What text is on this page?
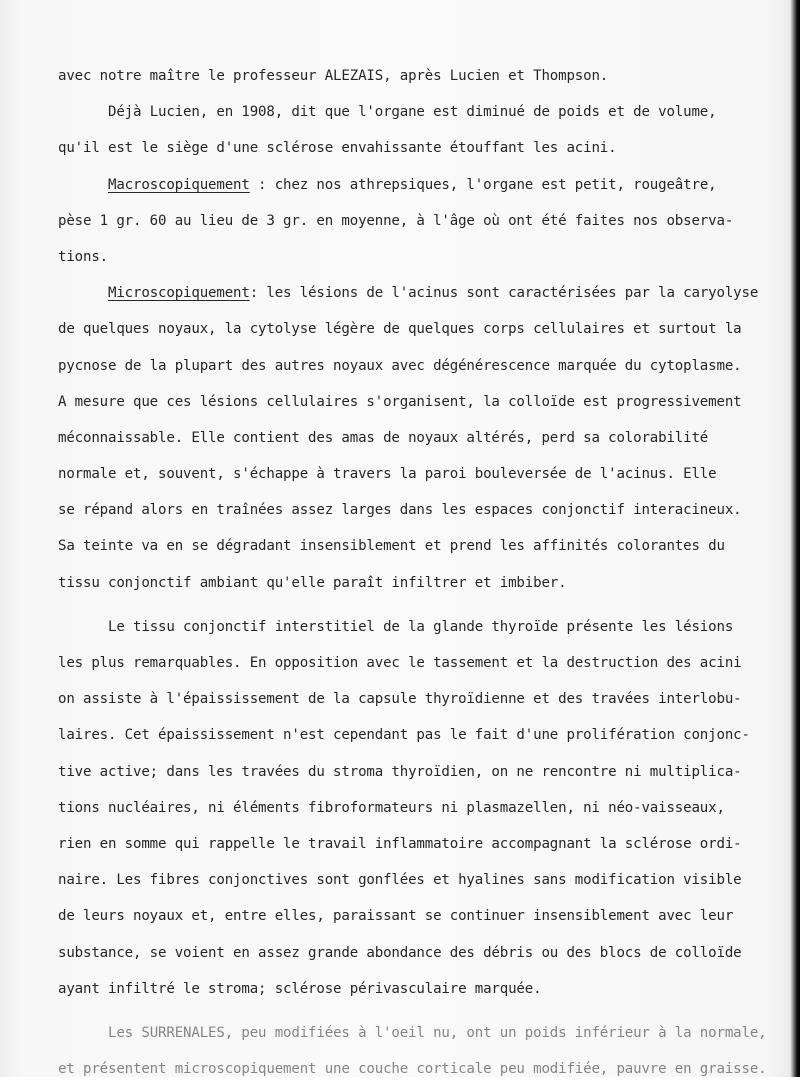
avec notre maître le professeur ALEZAIS, après Lucien et Thompson.
Déjà Lucien, en 1908, dit que l'organe est diminué de poids et de volume,
qu'il est le siège d'une sclérose envahissante étouffant les acini.
Macroscopiquement : chez nos athrepsiques, l'organe est petit, rougeâtre,
pèse 1 gr. 60 au lieu de 3 gr. en moyenne, à l'âge où ont été faites nos observa-
tions.
Microscopiquement: les lésions de l'acinus sont caractérisées par la caryolyse
de quelques noyaux, la cytolyse légère de quelques corps cellulaires et surtout la
pycnose de la plupart des autres noyaux avec dégénérescence marquée du cytoplasme.
A mesure que ces lésions cellulaires s'organisent, la colloïde est progressivement
méconnaissable. Elle contient des amas de noyaux altérés, perd sa colorabilité
normale et, souvent, s'échappe à travers la paroi bouleversée de l'acinus. Elle
se répand alors en traînées assez larges dans les espaces conjonctif interacineux.
Sa teinte va en se dégradant insensiblement et prend les affinités colorantes du
tissu conjonctif ambiant qu'elle paraît infiltrer et imbiber.
Le tissu conjonctif interstitiel de la glande thyroïde présente les lésions
les plus remarquables. En opposition avec le tassement et la destruction des acini
on assiste à l'épaississement de la capsule thyroïdienne et des travées interlobu-
laires. Cet épaississement n'est cependant pas le fait d'une prolifération conjonc-
tive active; dans les travées du stroma thyroïdien, on ne rencontre ni multiplica-
tions nucléaires, ni éléments fibroformateurs ni plasmazellen, ni néo-vaisseaux,
rien en somme qui rappelle le travail inflammatoire accompagnant la sclérose ordi-
naire. Les fibres conjonctives sont gonflées et hyalines sans modification visible
de leurs noyaux et, entre elles, paraissant se continuer insensiblement avec leur
substance, se voient en assez grande abondance des débris ou des blocs de colloïde
ayant infiltré le stroma; sclérose périvasculaire marquée.
Les SURRENALES, peu modifiées à l'oeil nu, ont un poids inférieur à la normale,
et présentent microscopiquement une couche corticale peu modifiée, pauvre en graisse.
